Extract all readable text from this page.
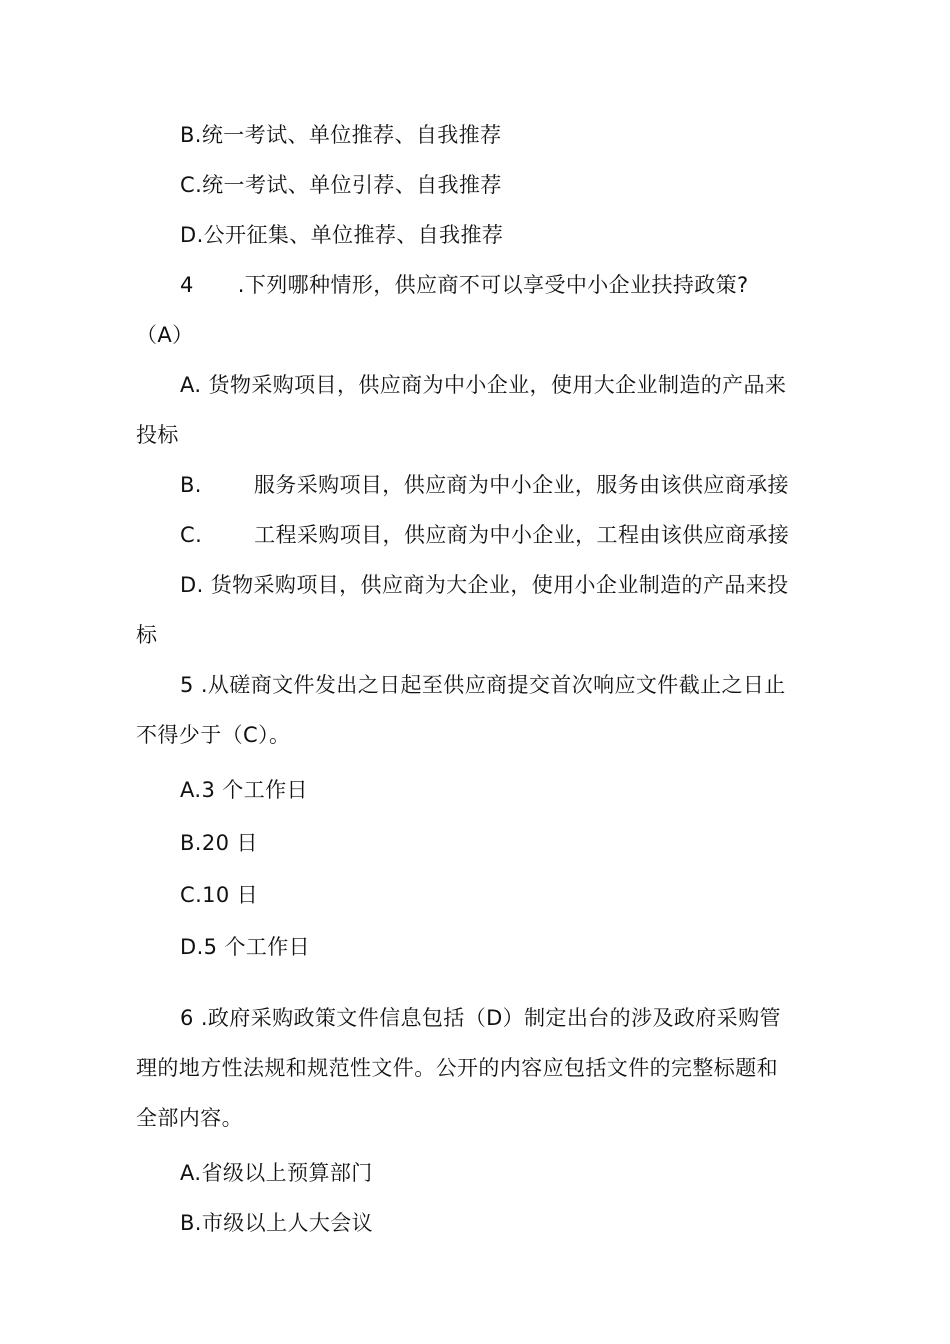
B.统一考试、单位推荐、自我推荐
C.统一考试、单位引荐、自我推荐
D.公开征集、单位推荐、自我推荐
4 .下列哪种情形，供应商不可以享受中小企业扶持政策?
（A）
A. 货物采购项目，供应商为中小企业，使用大企业制造的产品来
投标
B. 服务采购项目，供应商为中小企业，服务由该供应商承接
C. 工程采购项目，供应商为中小企业，工程由该供应商承接
D. 货物采购项目，供应商为大企业，使用小企业制造的产品来投
标
5 .从磋商文件发出之日起至供应商提交首次响应文件截止之日止
不得少于（C）。
A.3 个工作日
B.20 日
C.10 日
D.5 个工作日
6 .政府采购政策文件信息包括（D）制定出台的涉及政府采购管
理的地方性法规和规范性文件。公开的内容应包括文件的完整标题和
全部内容。
A.省级以上预算部门
B.市级以上人大会议
